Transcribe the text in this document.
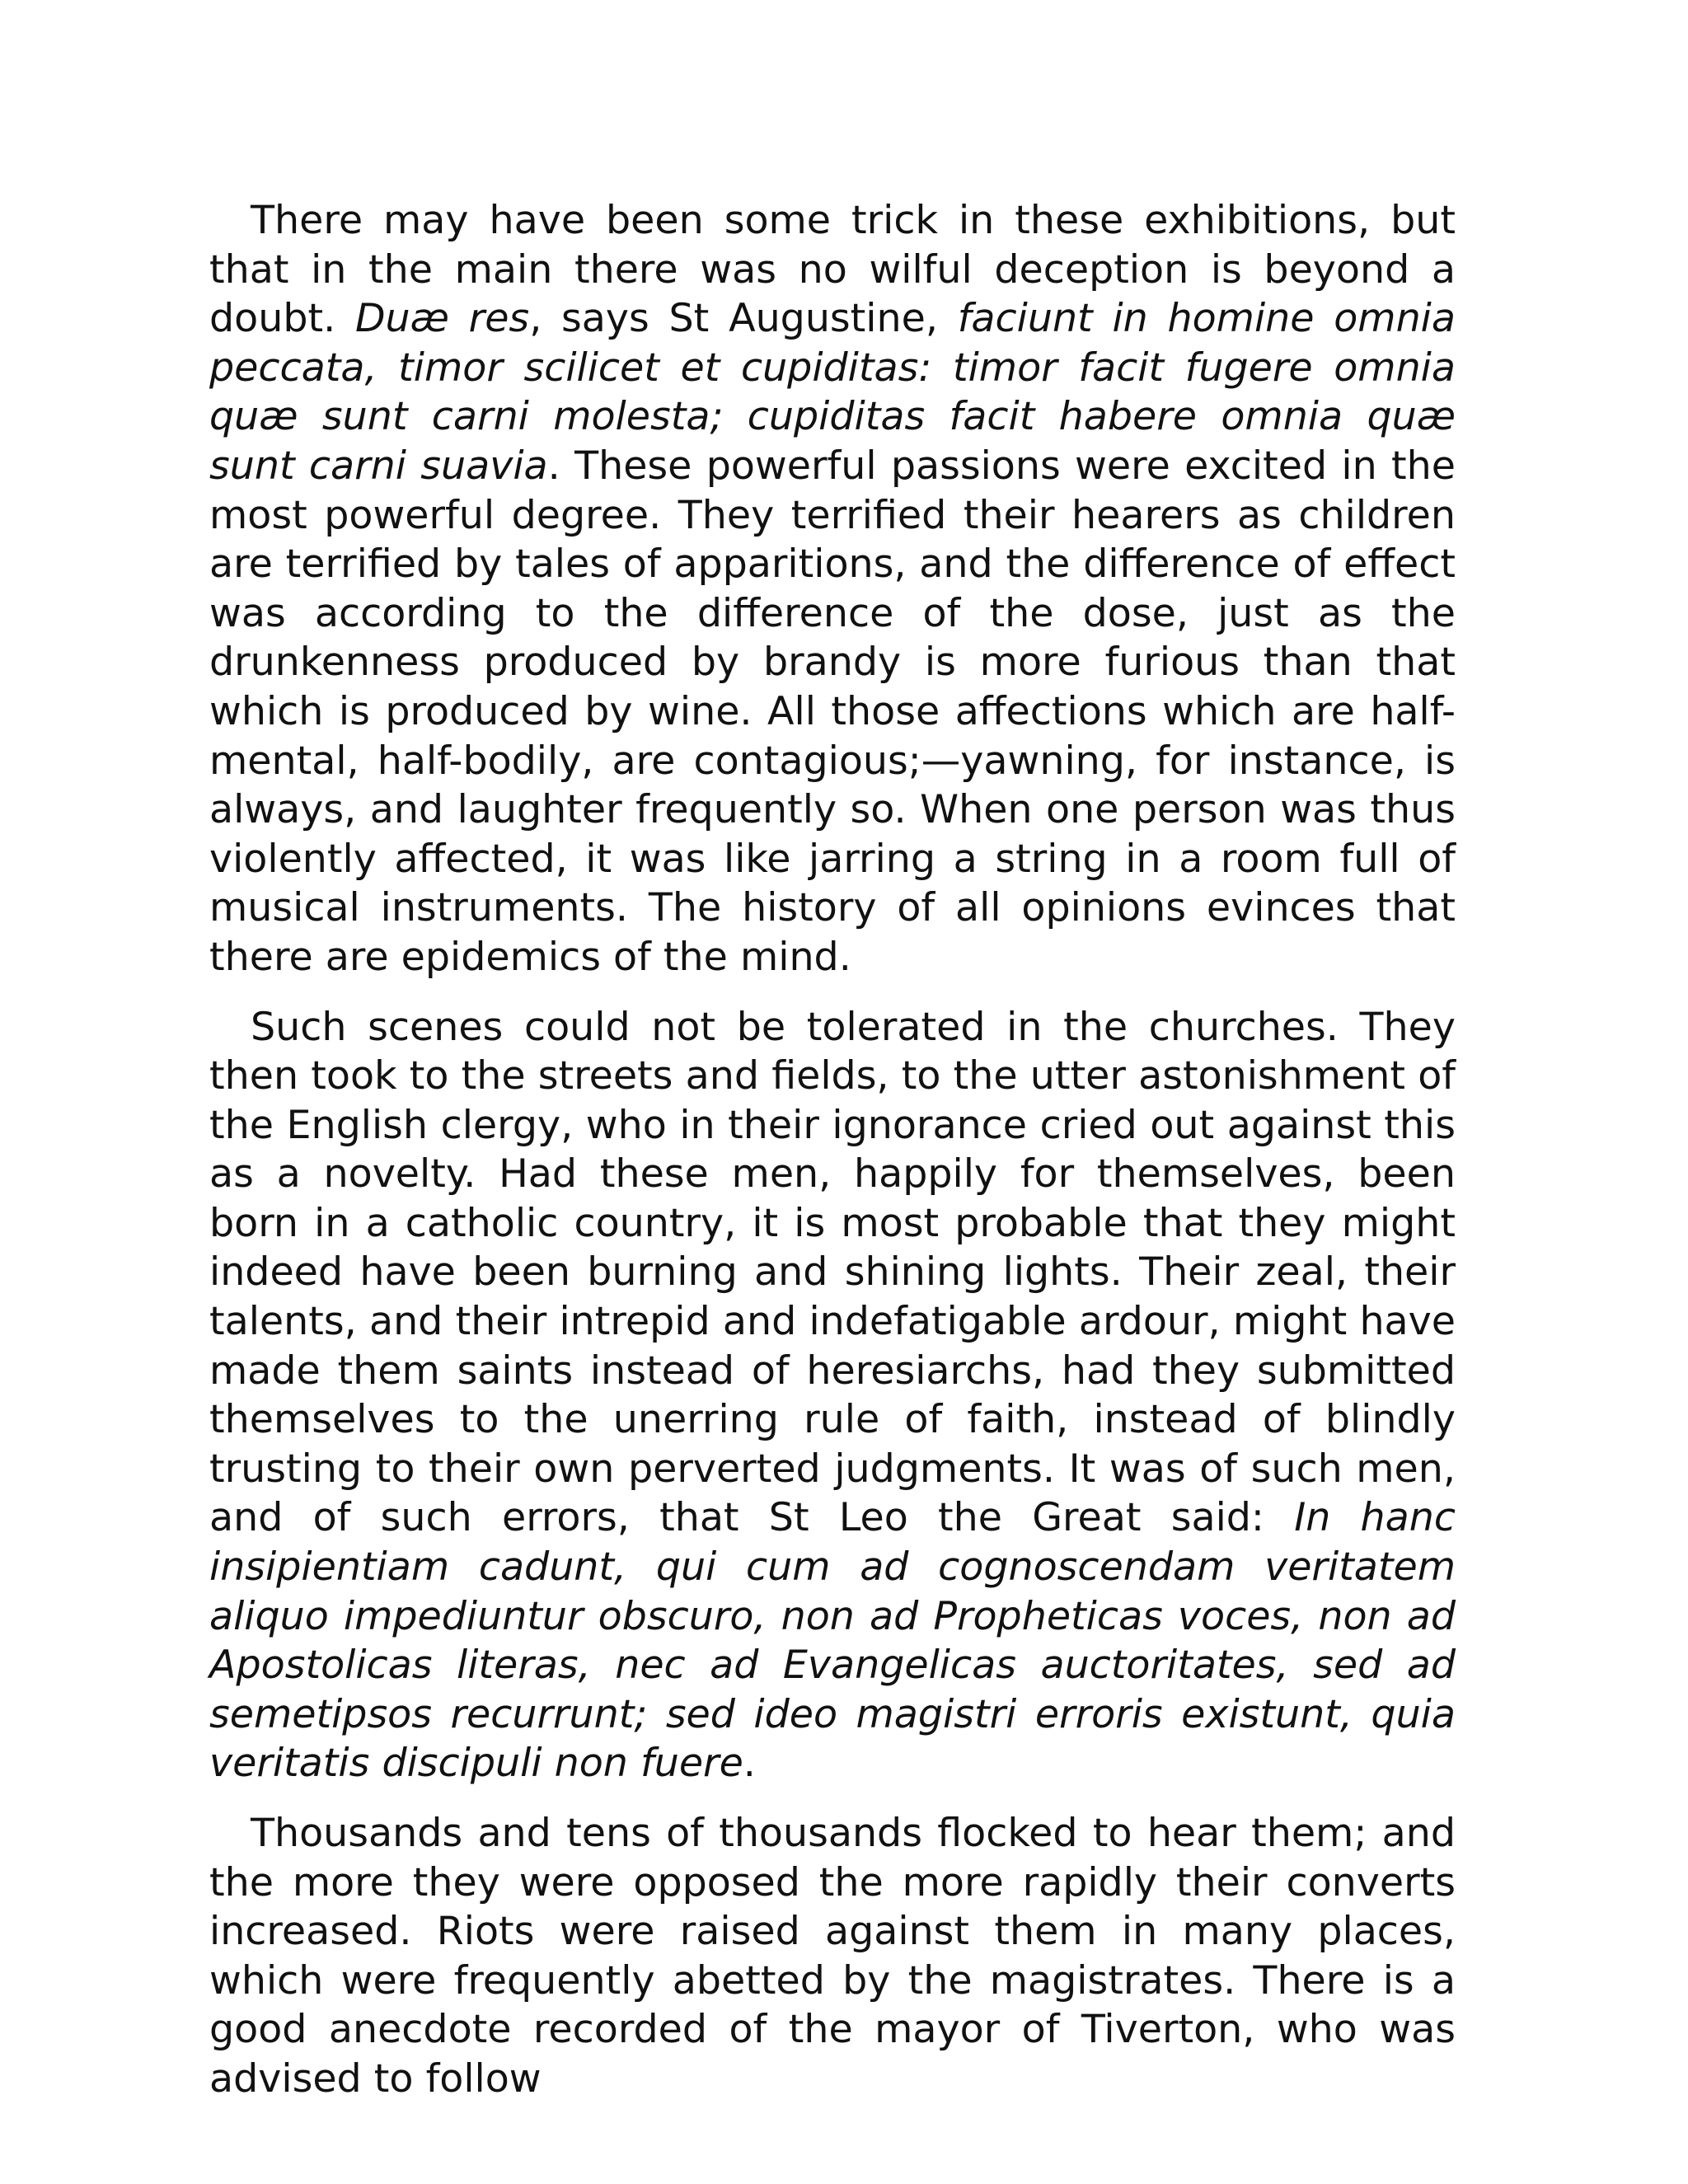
There may have been some trick in these exhibitions, but that in the main there was no wilful deception is beyond a doubt. Duæ res, says St Augustine, faciunt in homine omnia peccata, timor scilicet et cupiditas: timor facit fugere omnia quæ sunt carni molesta; cupiditas facit habere omnia quæ sunt carni suavia. These powerful passions were excited in the most powerful degree. They terrified their hearers as children are terrified by tales of apparitions, and the difference of effect was according to the difference of the dose, just as the drunkenness produced by brandy is more furious than that which is produced by wine. All those affections which are half-mental, half-bodily, are contagious;—yawning, for instance, is always, and laughter frequently so. When one person was thus violently affected, it was like jarring a string in a room full of musical instruments. The history of all opinions evinces that there are epidemics of the mind.

Such scenes could not be tolerated in the churches. They then took to the streets and fields, to the utter astonishment of the English clergy, who in their ignorance cried out against this as a novelty. Had these men, happily for themselves, been born in a catholic country, it is most probable that they might indeed have been burning and shining lights. Their zeal, their talents, and their intrepid and indefatigable ardour, might have made them saints instead of heresiarchs, had they submitted themselves to the unerring rule of faith, instead of blindly trusting to their own perverted judgments. It was of such men, and of such errors, that St Leo the Great said: In hanc insipientiam cadunt, qui cum ad cognoscendam veritatem aliquo impediuntur obscuro, non ad Propheticas voces, non ad Apostolicas literas, nec ad Evangelicas auctoritates, sed ad semetipsos recurrunt; sed ideo magistri erroris existunt, quia veritatis discipuli non fuere.

Thousands and tens of thousands flocked to hear them; and the more they were opposed the more rapidly their converts increased. Riots were raised against them in many places, which were frequently abetted by the magistrates. There is a good anecdote recorded of the mayor of Tiverton, who was advised to follow
